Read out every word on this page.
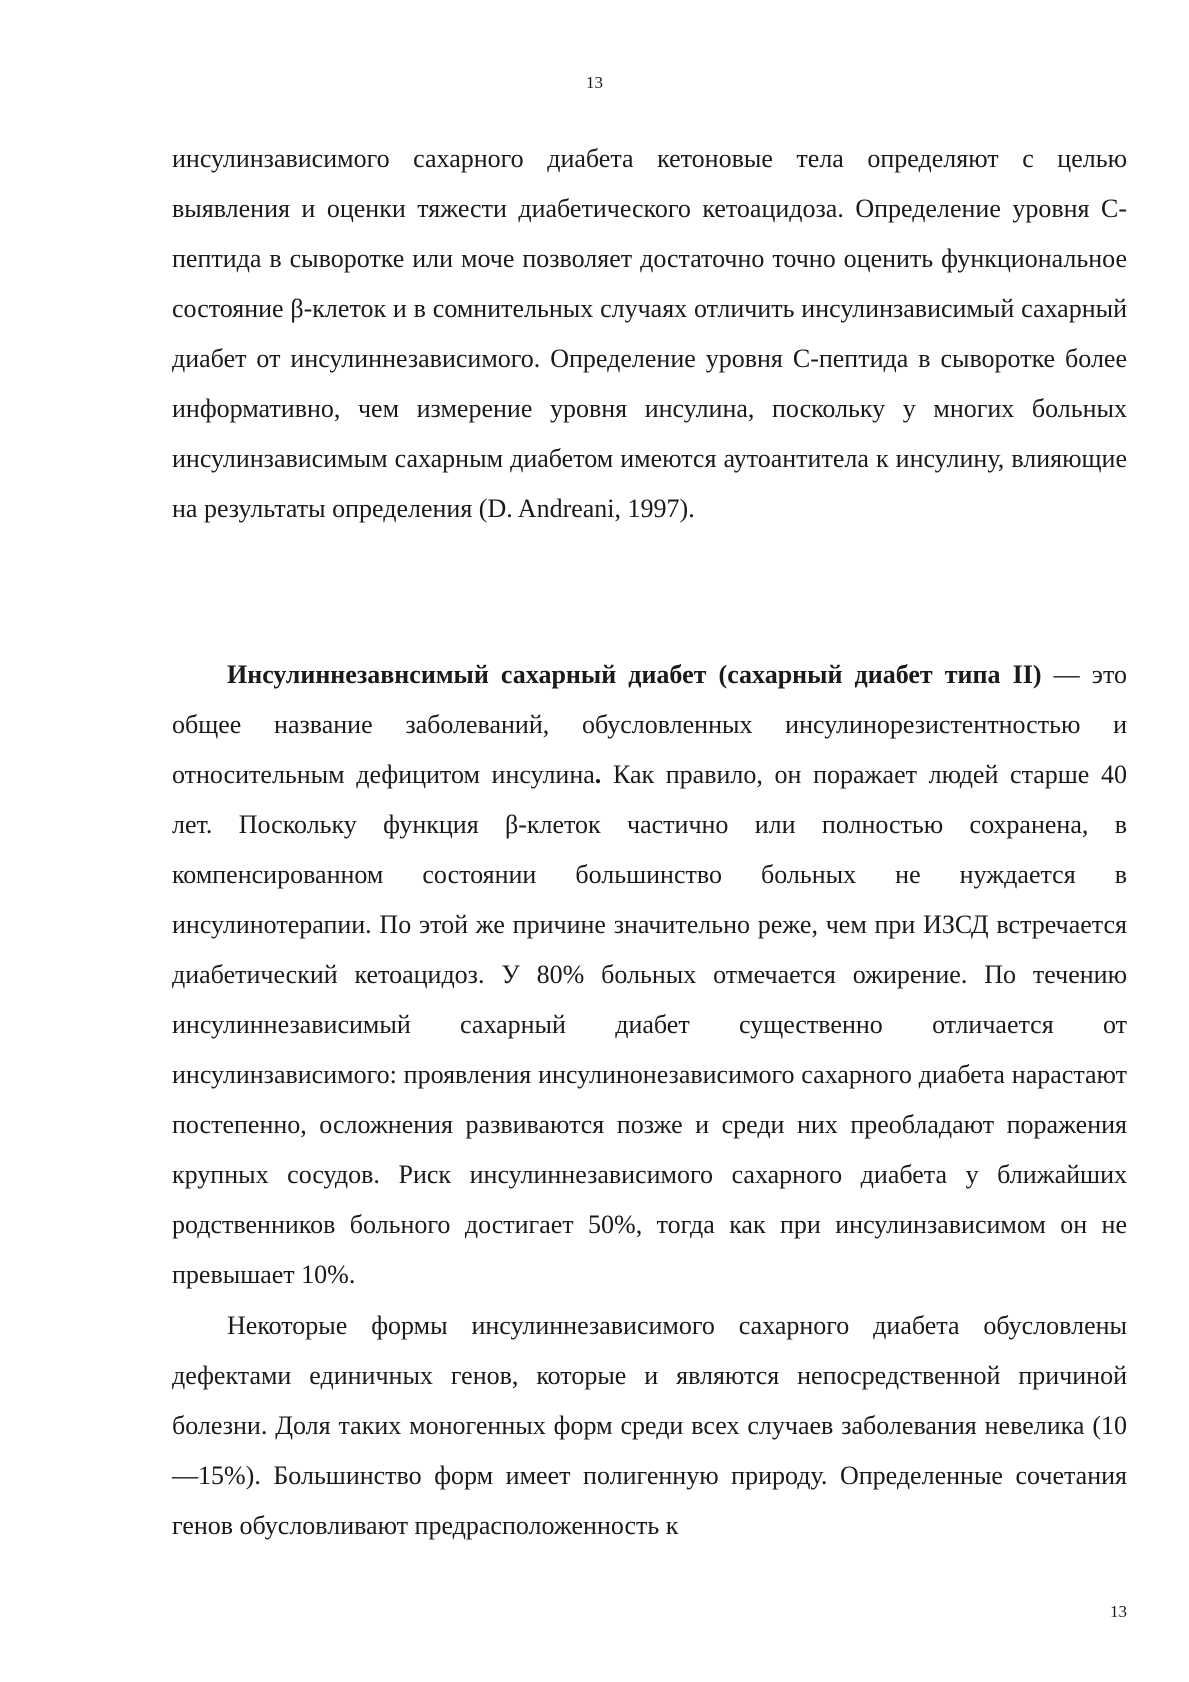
13

инсулинзависимого сахарного диабета кетоновые тела определяют с целью выявления и оценки тяжести диабетического кетоацидоза. Определение уровня С-пептида в сыворотке или моче позволяет достаточно точно оценить функциональное состояние β-клеток и в сомнительных случаях отличить инсулинзависимый сахарный диабет от инсулиннезависимого. Определение уровня С-пептида в сыворотке более информативно, чем измерение уровня инсулина, поскольку у многих больных инсулинзависимым сахарным диабетом имеются аутоантитела к инсулину, влияющие на результаты определения (D. Andreani, 1997).

Инсулиннезавнсимый сахарный диабет (сахарный диабет типа II) — это общее название заболеваний, обусловленных инсулинорезистентностью и относительным дефицитом инсулина. Как правило, он поражает людей старше 40 лет. Поскольку функция β-клеток частично или полностью сохранена, в компенсированном состоянии большинство больных не нуждается в инсулинотерапии. По этой же причине значительно реже, чем при ИЗСД встречается диабетический кетоацидоз. У 80% больных отмечается ожирение. По течению инсулиннезависимый сахарный диабет существенно отличается от инсулинзависимого: проявления инсулинонезависимого сахарного диабета нарастают постепенно, осложнения развиваются позже и среди них преобладают поражения крупных сосудов. Риск инсулиннезависимого сахарного диабета у ближайших родственников больного достигает 50%, тогда как при инсулинзависимом он не превышает 10%.

Некоторые формы инсулиннезависимого сахарного диабета обусловлены дефектами единичных генов, которые и являются непосредственной причиной болезни. Доля таких моногенных форм среди всех случаев заболевания невелика (10—15%). Большинство форм имеет полигенную природу. Определенные сочетания генов обусловливают предрасположенность к

13
